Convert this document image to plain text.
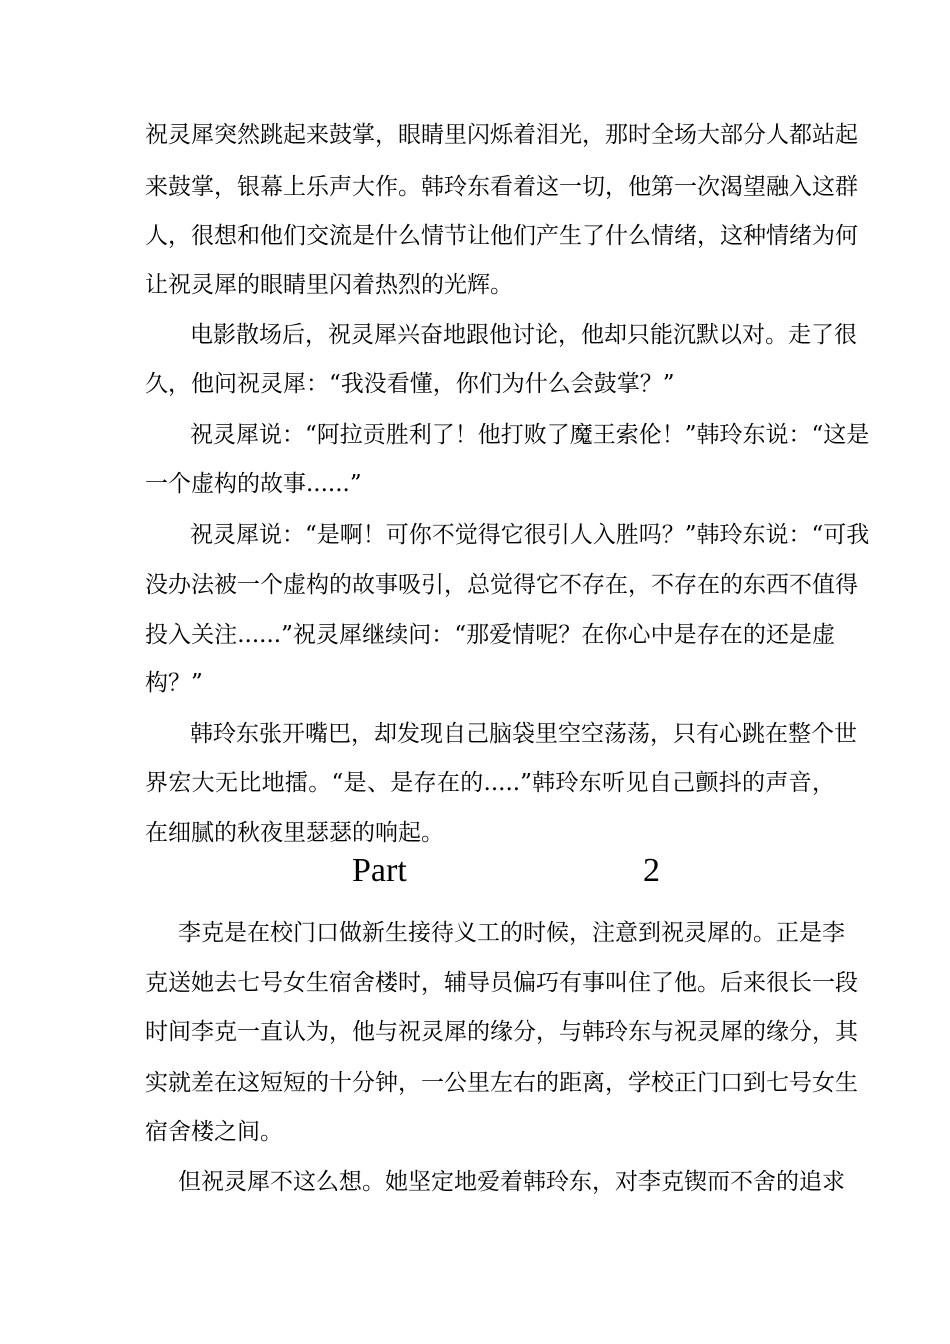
祝灵犀突然跳起来鼓掌，眼睛里闪烁着泪光，那时全场大部分人都站起
来鼓掌，银幕上乐声大作。韩玲东看着这一切，他第一次渴望融入这群
人，很想和他们交流是什么情节让他们产生了什么情绪，这种情绪为何
让祝灵犀的眼睛里闪着热烈的光辉。
电影散场后，祝灵犀兴奋地跟他讨论，他却只能沉默以对。走了很
久，他问祝灵犀：“我没看懂，你们为什么会鼓掌？”
祝灵犀说：“阿拉贡胜利了！他打败了魔王索伦！”韩玲东说：“这是
一个虚构的故事......”
祝灵犀说：“是啊！可你不觉得它很引人入胜吗？”韩玲东说：“可我
没办法被一个虚构的故事吸引，总觉得它不存在，不存在的东西不值得
投入关注......”祝灵犀继续问：“那爱情呢？在你心中是存在的还是虚
构？”
韩玲东张开嘴巴，却发现自己脑袋里空空荡荡，只有心跳在整个世
界宏大无比地擂。“是、是存在的.....”韩玲东听见自己颤抖的声音，
在细腻的秋夜里瑟瑟的响起。
Part	2
李克是在校门口做新生接待义工的时候，注意到祝灵犀的。正是李
克送她去七号女生宿舍楼时，辅导员偏巧有事叫住了他。后来很长一段
时间李克一直认为，他与祝灵犀的缘分，与韩玲东与祝灵犀的缘分，其
实就差在这短短的十分钟，一公里左右的距离，学校正门口到七号女生
宿舍楼之间。
但祝灵犀不这么想。她坚定地爱着韩玲东，对李克锲而不舍的追求
